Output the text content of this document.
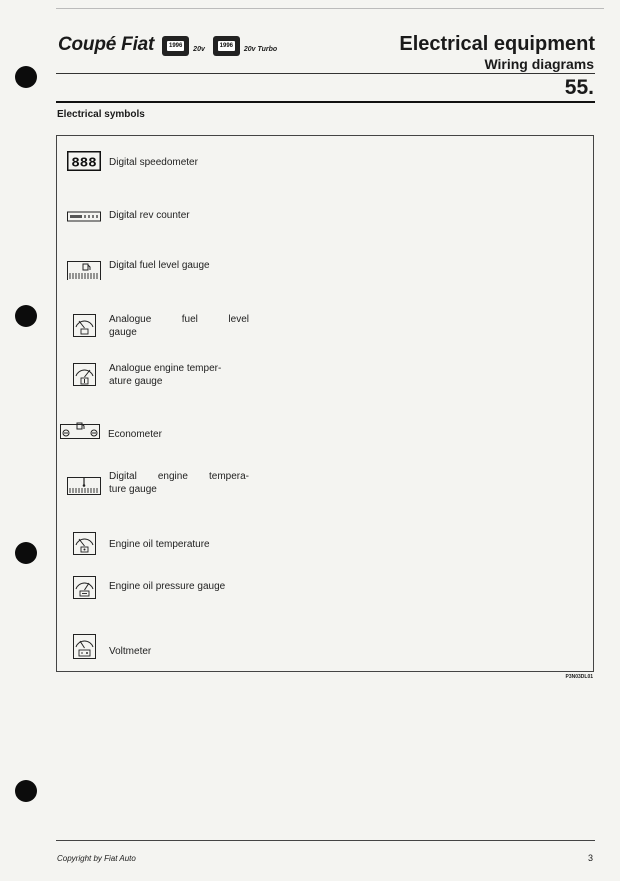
Coupé Fiat	1996 20v	1996 20v Turbo	Electrical equipment
Wiring diagrams
55.
Electrical symbols
888 Digital speedometer
Digital rev counter
Digital fuel level gauge
Analogue fuel level
gauge
Analogue engine temper-
ature gauge
Econometer
Digital engine tempera-
ture gauge
Engine oil temperature
Engine oil pressure gauge
Voltmeter
P3N03DL01
Copyright by Fiat Auto	3
